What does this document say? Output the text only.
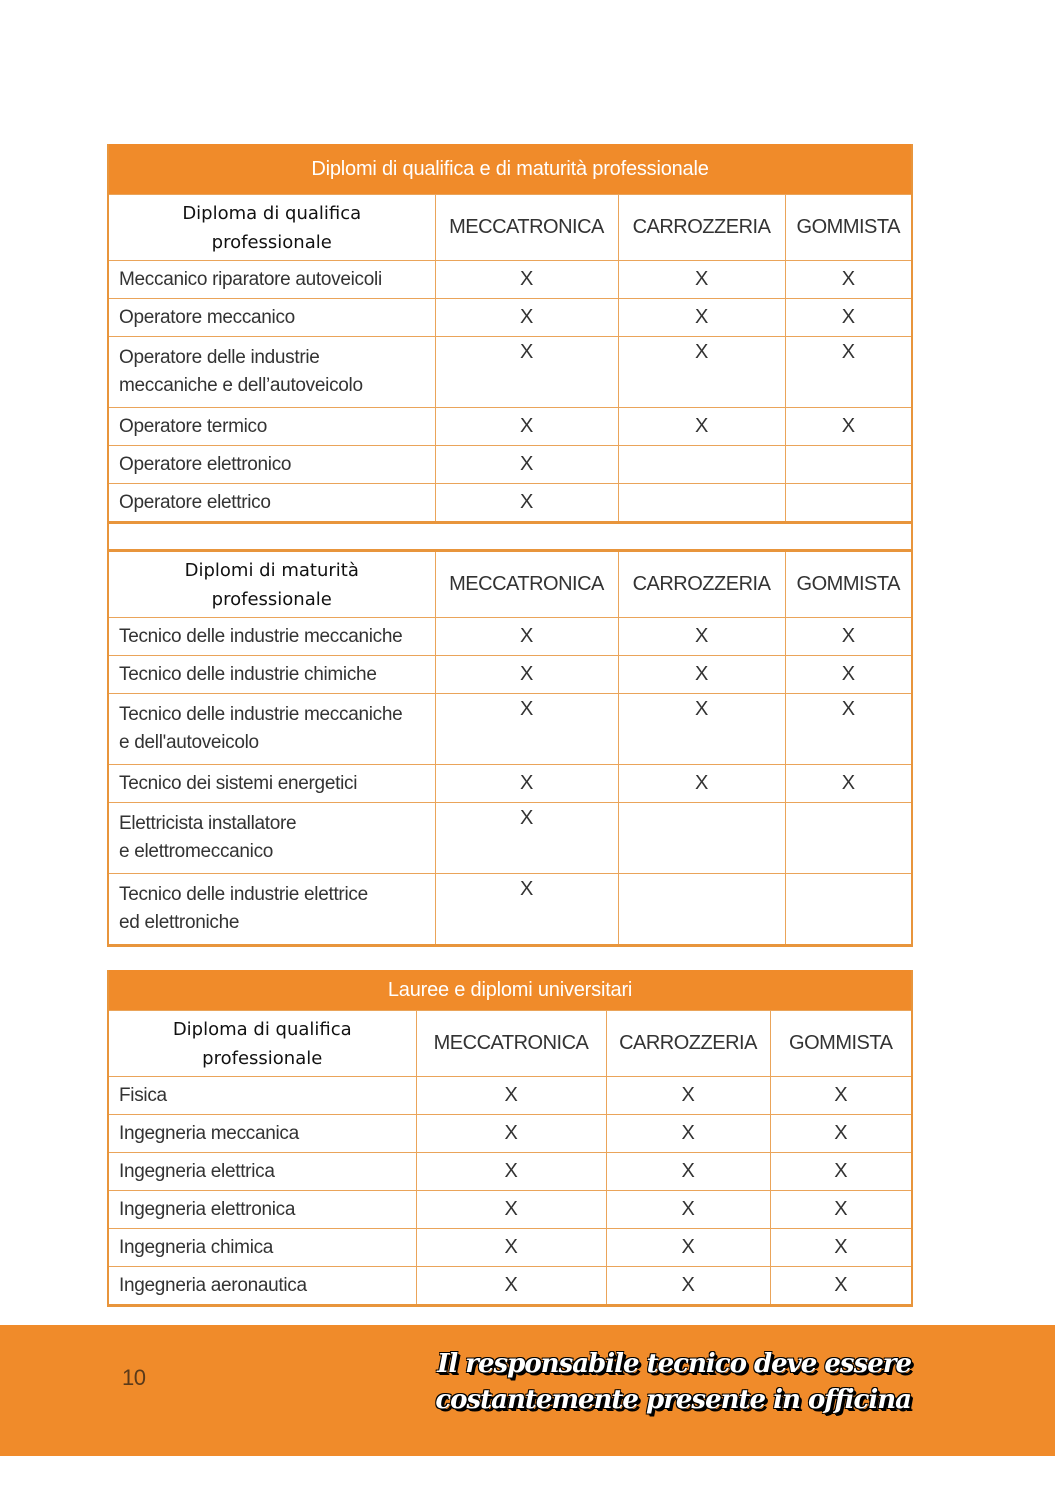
Diplomi di qualifica e di maturità professionale			
Diploma di qualifica
professionale	MECCATRONICA	CARROZZERIA	GOMMISTA
Meccanico riparatore autoveicoli	X	X	X
Operatore meccanico	X	X	X
Operatore delle industrie
meccaniche e dell’autoveicolo	X	X	X
Operatore termico	X	X	X
Operatore elettronico	X		
Operatore elettrico	X		

Diplomi di maturità
professionale	MECCATRONICA	CARROZZERIA	GOMMISTA
Tecnico delle industrie meccaniche	X	X	X
Tecnico delle industrie chimiche	X	X	X
Tecnico delle industrie meccaniche
e dell'autoveicolo	X	X	X
Tecnico dei sistemi energetici	X	X	X
Elettricista installatore
e elettromeccanico	X		
Tecnico delle industrie elettrice
ed elettroniche	X		
Lauree e diplomi universitari			
Diploma di qualifica
professionale	MECCATRONICA	CARROZZERIA	GOMMISTA
Fisica	X	X	X
Ingegneria meccanica	X	X	X
Ingegneria elettrica	X	X	X
Ingegneria elettronica	X	X	X
Ingegneria chimica	X	X	X
Ingegneria aeronautica	X	X	X
10	Il responsabile tecnico deve essere
costantemente presente in officina
